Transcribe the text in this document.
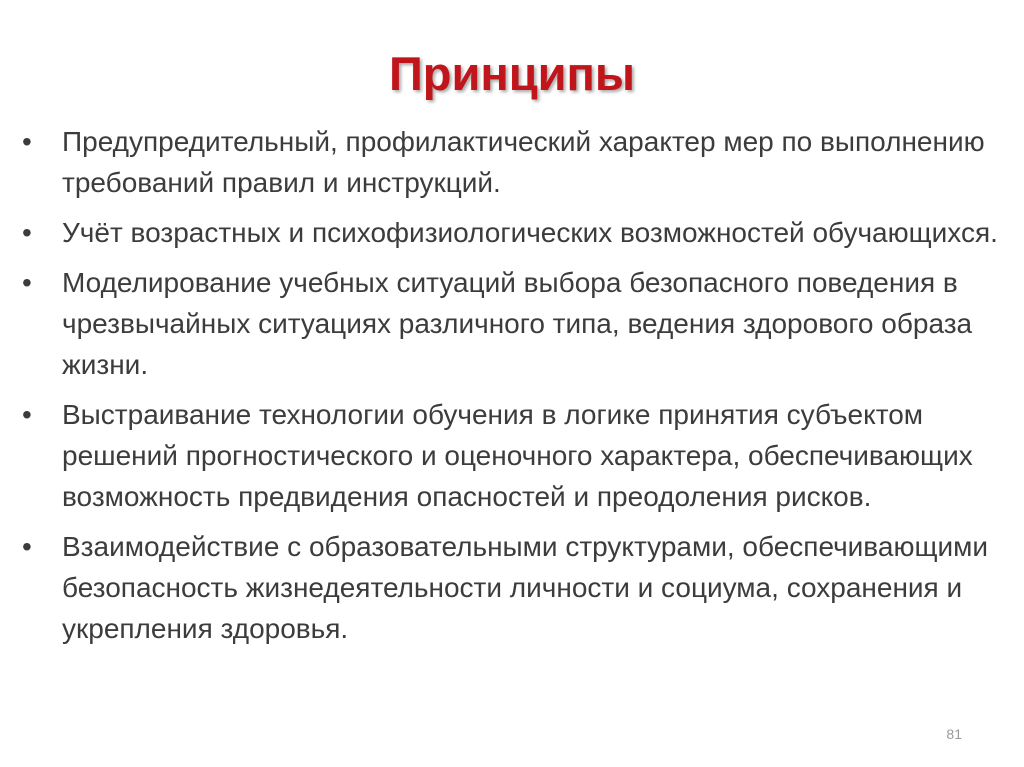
Принципы
•	Предупредительный, профилактический характер мер по выполнению требований правил и инструкций.
•	Учёт возрастных и психофизиологических возможностей обучающихся.
•	Моделирование учебных ситуаций выбора безопасного поведения в чрезвычайных ситуациях различного типа, ведения здорового образа жизни.
•	Выстраивание технологии обучения в логике принятия субъектом решений прогностического и оценочного характера, обеспечивающих возможность предвидения опасностей и преодоления рисков.
•	Взаимодействие с образовательными структурами, обеспечивающими безопасность жизнедеятельности личности и социума, сохранения и укрепления здоровья.
81
